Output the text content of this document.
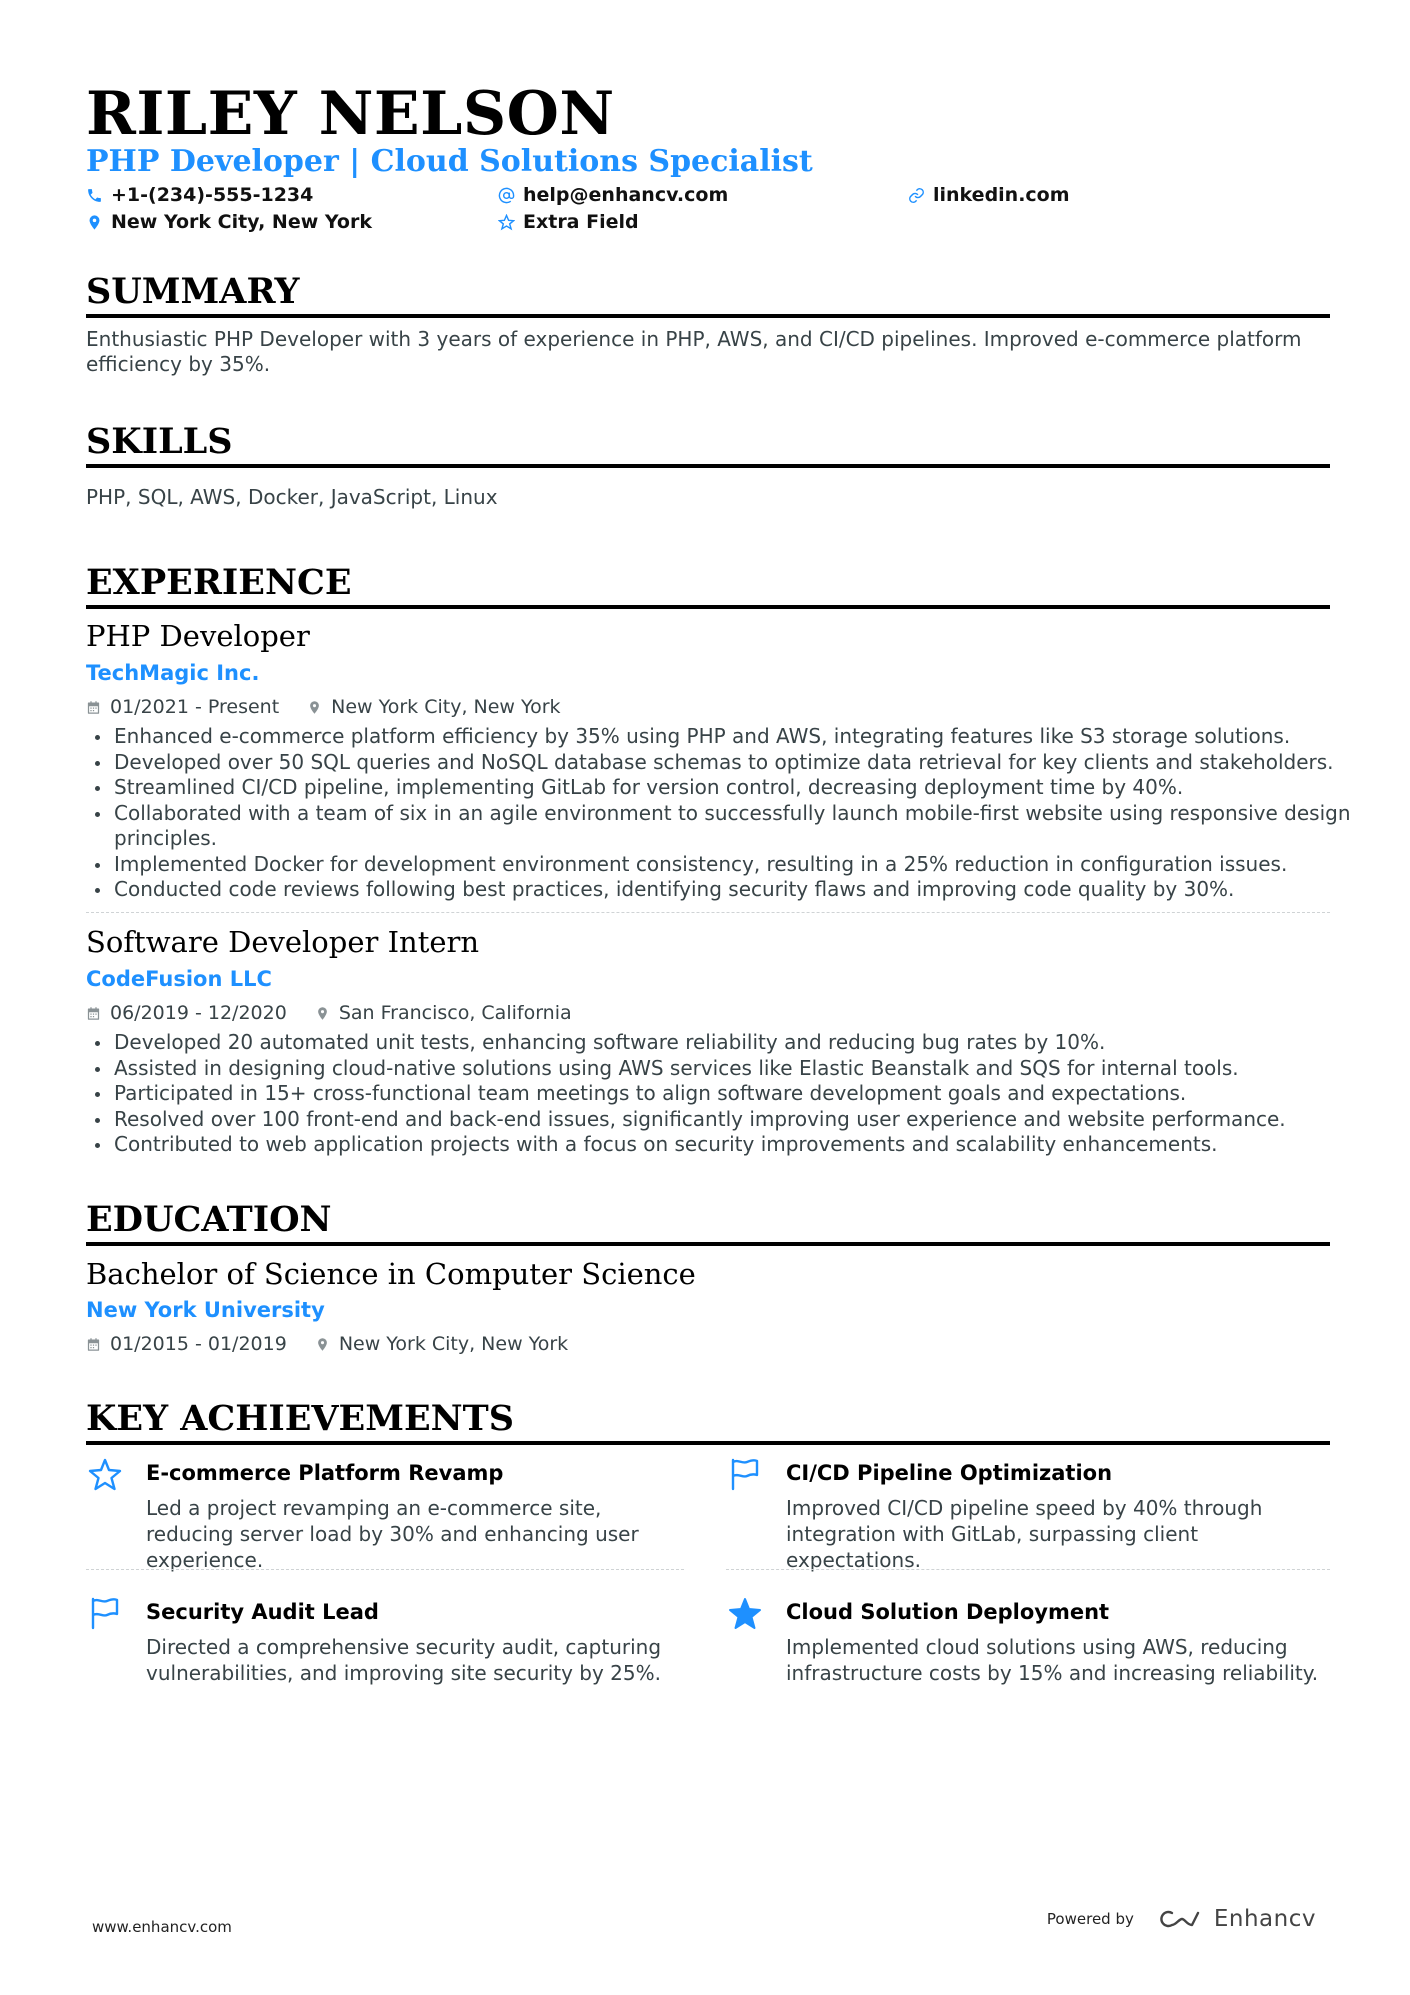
RILEY NELSON
PHP Developer | Cloud Solutions Specialist
+1-(234)-555-1234	help@enhancv.com	linkedin.com
New York City, New York	Extra Field
SUMMARY
Enthusiastic PHP Developer with 3 years of experience in PHP, AWS, and CI/CD pipelines. Improved e-commerce platform efficiency by 35%.
SKILLS
PHP, SQL, AWS, Docker, JavaScript, Linux
EXPERIENCE
PHP Developer
TechMagic Inc.
01/2021 - Present	New York City, New York
Enhanced e-commerce platform efficiency by 35% using PHP and AWS, integrating features like S3 storage solutions.
Developed over 50 SQL queries and NoSQL database schemas to optimize data retrieval for key clients and stakeholders.
Streamlined CI/CD pipeline, implementing GitLab for version control, decreasing deployment time by 40%.
Collaborated with a team of six in an agile environment to successfully launch mobile-first website using responsive design principles.
Implemented Docker for development environment consistency, resulting in a 25% reduction in configuration issues.
Conducted code reviews following best practices, identifying security flaws and improving code quality by 30%.
Software Developer Intern
CodeFusion LLC
06/2019 - 12/2020	San Francisco, California
Developed 20 automated unit tests, enhancing software reliability and reducing bug rates by 10%.
Assisted in designing cloud-native solutions using AWS services like Elastic Beanstalk and SQS for internal tools.
Participated in 15+ cross-functional team meetings to align software development goals and expectations.
Resolved over 100 front-end and back-end issues, significantly improving user experience and website performance.
Contributed to web application projects with a focus on security improvements and scalability enhancements.
EDUCATION
Bachelor of Science in Computer Science
New York University
01/2015 - 01/2019	New York City, New York
KEY ACHIEVEMENTS
E-commerce Platform Revamp
Led a project revamping an e-commerce site, reducing server load by 30% and enhancing user experience.
CI/CD Pipeline Optimization
Improved CI/CD pipeline speed by 40% through integration with GitLab, surpassing client expectations.
Security Audit Lead
Directed a comprehensive security audit, capturing vulnerabilities, and improving site security by 25%.
Cloud Solution Deployment
Implemented cloud solutions using AWS, reducing infrastructure costs by 15% and increasing reliability.
www.enhancv.com	Powered by	Enhancv
